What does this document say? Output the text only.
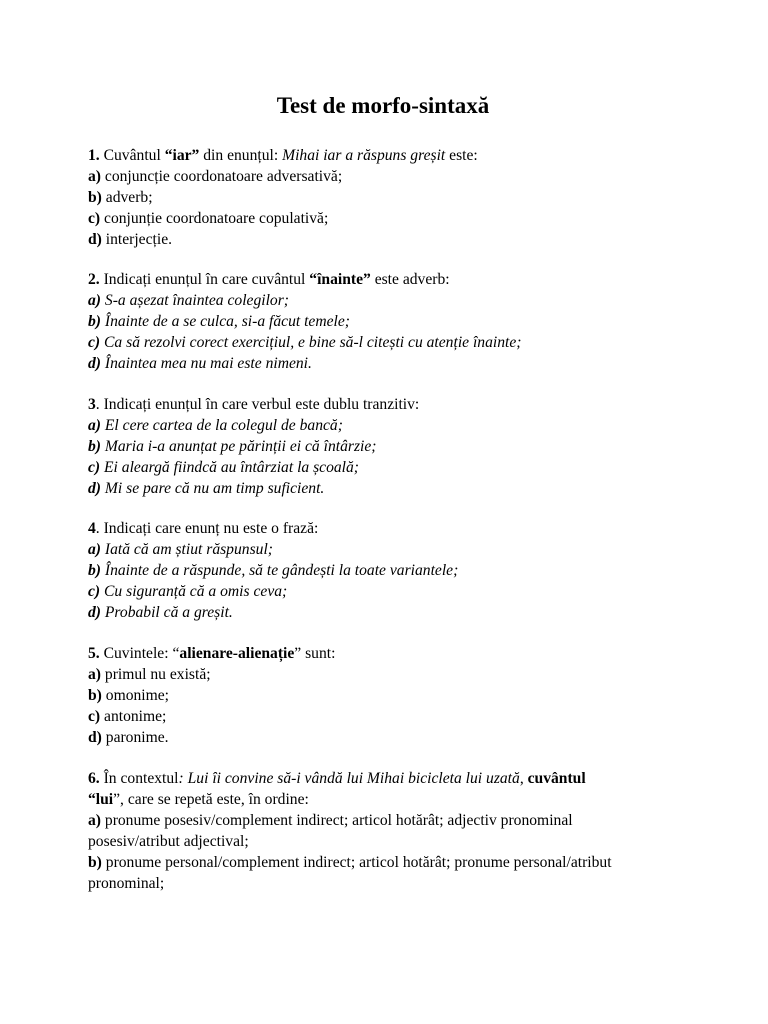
Test de morfo-sintaxă
1. Cuvântul “iar” din enunțul: Mihai iar a răspuns greșit este:
a) conjuncție coordonatoare adversativă;
b) adverb;
c) conjunție coordonatoare copulativă;
d) interjecție.
2. Indicați enunțul în care cuvântul “înainte” este adverb:
a) S-a așezat înaintea colegilor;
b) Înainte de a se culca, si-a făcut temele;
c) Ca să rezolvi corect exercițiul, e bine să-l citești cu atenție înainte;
d) Înaintea mea nu mai este nimeni.
3. Indicați enunțul în care verbul este dublu tranzitiv:
a) El cere cartea de la colegul de bancă;
b) Maria i-a anunțat pe părinții ei că întârzie;
c) Ei aleargă fiindcă au întârziat la școală;
d) Mi se pare că nu am timp suficient.
4. Indicați care enunț nu este o frază:
a) Iată că am știut răspunsul;
b) Înainte de a răspunde, să te gândești la toate variantele;
c) Cu siguranță că a omis ceva;
d) Probabil că a greșit.
5. Cuvintele: “alienare-alienație” sunt:
a) primul nu există;
b) omonime;
c) antonime;
d) paronime.
6. În contextul: Lui îi convine să-i vândă lui Mihai bicicleta lui uzată, cuvântul
“lui”, care se repetă este, în ordine:
a) pronume posesiv/complement indirect; articol hotărât; adjectiv pronominal posesiv/atribut adjectival;
b) pronume personal/complement indirect; articol hotărât; pronume personal/atribut pronominal;
